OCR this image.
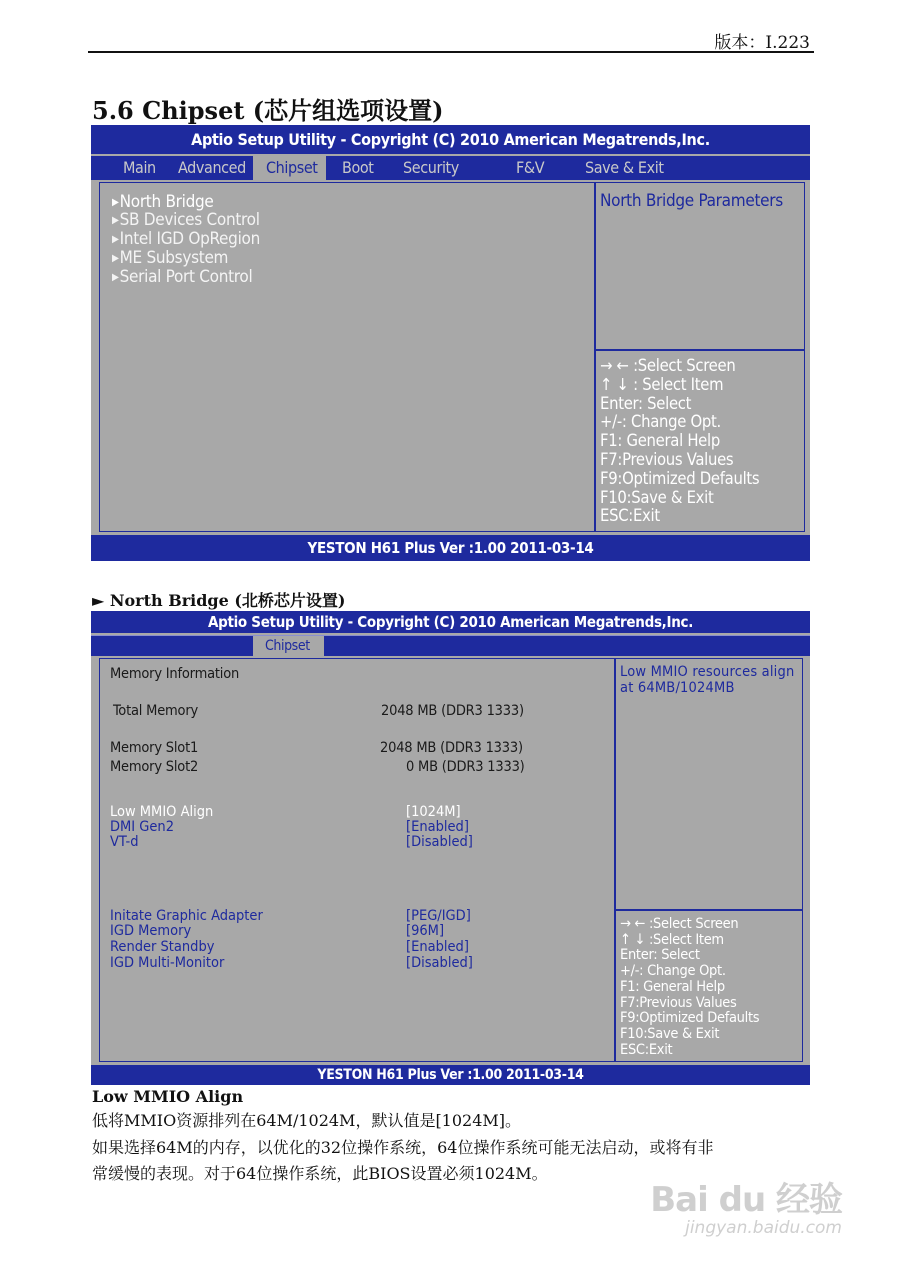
版本：I.223
5.6 Chipset (芯片组选项设置)
Aptio Setup Utility - Copyright (C) 2010 American Megatrends,Inc.
Main Advanced	Chipset	Boot Security	F&V	Save & Exit
▶North Bridge
▶SB Devices Control
▶Intel IGD OpRegion
▶ME Subsystem
▶Serial Port Control
North Bridge Parameters
→ ← :Select Screen
↑ ↓ : Select Item
Enter: Select
+/-: Change Opt.
F1: General Help
F7:Previous Values
F9:Optimized Defaults
F10:Save & Exit
ESC:Exit
YESTON H61 Plus Ver :1.00 2011-03-14
► North Bridge (北桥芯片设置)
Aptio Setup Utility - Copyright (C) 2010 American Megatrends,Inc.
Chipset
Memory Information
Total Memory	2048 MB (DDR3 1333)
Memory Slot1	2048 MB (DDR3 1333)
Memory Slot2	0 MB (DDR3 1333)
Low MMIO Align	[1024M]
DMI Gen2	[Enabled]
VT-d	[Disabled]
Initate Graphic Adapter	[PEG/IGD]
IGD Memory	[96M]
Render Standby	[Enabled]
IGD Multi-Monitor	[Disabled]
Low MMIO resources align at 64MB/1024MB
→ ← :Select Screen
↑ ↓ :Select Item
Enter: Select
+/-: Change Opt.
F1: General Help
F7:Previous Values
F9:Optimized Defaults
F10:Save & Exit
ESC:Exit
YESTON H61 Plus Ver :1.00 2011-03-14
Low MMIO Align
低将MMIO资源排列在64M/1024M，默认值是[1024M]。
如果选择64M的内存，以优化的32位操作系统，64位操作系统可能无法启动，或将有非
常缓慢的表现。对于64位操作系统，此BIOS设置必须1024M。
Bai du 经验
jingyan.baidu.com
